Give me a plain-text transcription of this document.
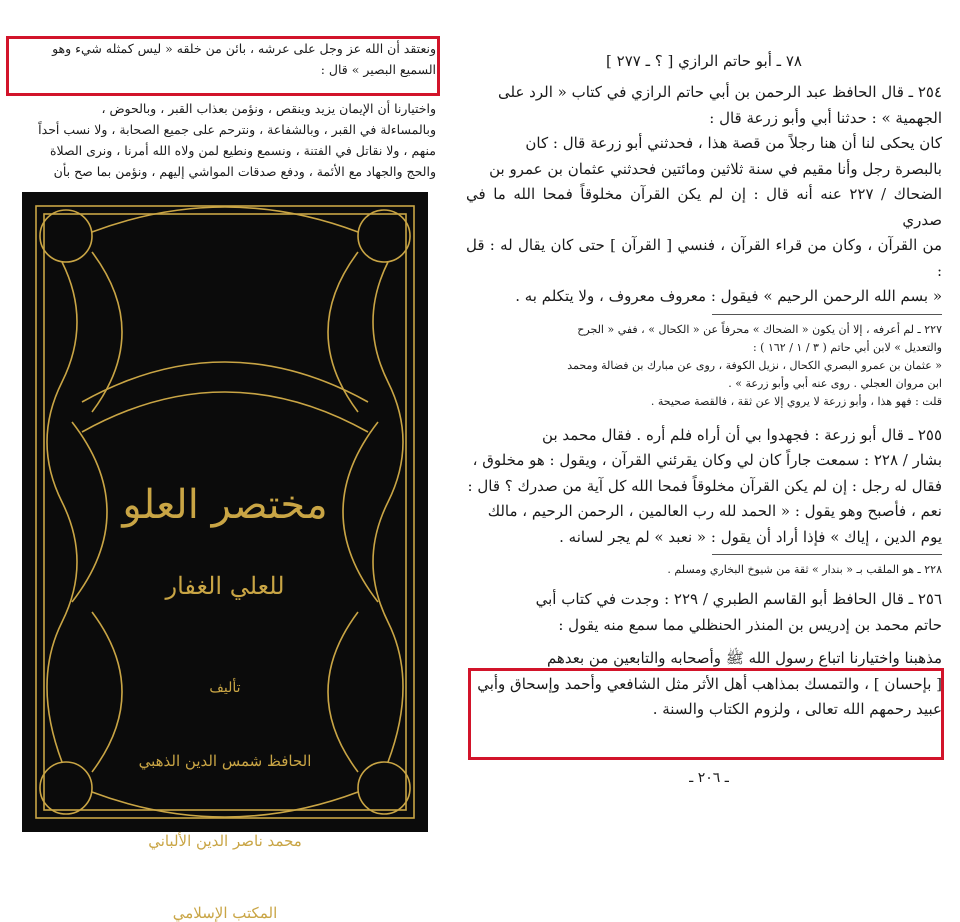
ونعتقد أن الله عز وجل على عرشه ، بائن من خلقه « ليس كمثله شيء وهو

السميع البصير » قال :

واختيارنا أن الإيمان يزيد وينقص ، ونؤمن بعذاب القبر ، وبالحوض ،

وبالمساءلة في القبر ، وبالشفاعة ، ونترحم على جميع الصحابة ، ولا نسب أحداً

منهم ، ولا نقاتل في الفتنة ، ونسمع ونطيع لمن ولاه الله أمرنا ، ونرى الصلاة

والحج والجهاد مع الأئمة ، ودفع صدقات المواشي إليهم ، ونؤمن بما صح بأن

مختصر العلو
للعلي الغفار
تأليف
الحافظ شمس الدين الذهبي
محمد ناصر الدين الألباني
المكتب الإسلامي
٧٨ ـ أبو حاتم الرازي [ ؟ ـ ٢٧٧ ]

٢٥٤ ـ قال الحافظ عبد الرحمن بن أبي حاتم الرازي في كتاب « الرد على

الجهمية » : حدثنا أبي وأبو زرعة قال :

كان يحكى لنا أن هنا رجلاً من قصة هذا ، فحدثني أبو زرعة قال : كان

بالبصرة رجل وأنا مقيم في سنة ثلاثين ومائتين فحدثني عثمان بن عمرو بن

الضحاك / ٢٢٧ عنه أنه قال : إن لم يكن القرآن مخلوقاً فمحا الله ما في صدري

من القرآن ، وكان من قراء القرآن ، فنسي [ القرآن ] حتى كان يقال له : قل :

« بسم الله الرحمن الرحيم » فيقول : معروف معروف ، ولا يتكلم به .

٢٢٧ ـ لم أعرفه ، إلا أن يكون « الضحاك » محرفاً عن « الكحال » ، ففي « الجرح

والتعديل » لابن أبي حاتم ( ٣ / ١ / ١٦٢ ) :

« عثمان بن عمرو البصري الكحال ، نزيل الكوفة ، روى عن مبارك بن فضالة ومحمد

ابن مروان العجلي . روى عنه أبي وأبو زرعة » .

قلت : فهو هذا ، وأبو زرعة لا يروي إلا عن ثقة ، فالقصة صحيحة .

٢٥٥ ـ قال أبو زرعة : فجهدوا بي أن أراه فلم أره . فقال محمد بن

بشار / ٢٢٨ : سمعت جاراً كان لي وكان يقرئني القرآن ، ويقول : هو مخلوق ،

فقال له رجل : إن لم يكن القرآن مخلوقاً فمحا الله كل آية من صدرك ؟ قال :

نعم ، فأصبح وهو يقول : « الحمد لله رب العالمين ، الرحمن الرحيم ، مالك

يوم الدين ، إياك » فإذا أراد أن يقول : « نعبد » لم يجر لسانه .

٢٢٨ ـ هو الملقب بـ « بندار » ثقة من شيوخ البخاري ومسلم .

٢٥٦ ـ قال الحافظ أبو القاسم الطبري / ٢٢٩ : وجدت في كتاب أبي

حاتم محمد بن إدريس بن المنذر الحنظلي مما سمع منه يقول :

مذهبنا واختيارنا اتباع رسول الله ﷺ وأصحابه والتابعين من بعدهم

[ بإحسان ] ، والتمسك بمذاهب أهل الأثر مثل الشافعي وأحمد وإسحاق وأبي

عبيد رحمهم الله تعالى ، ولزوم الكتاب والسنة .

ـ ٢٠٦ ـ
